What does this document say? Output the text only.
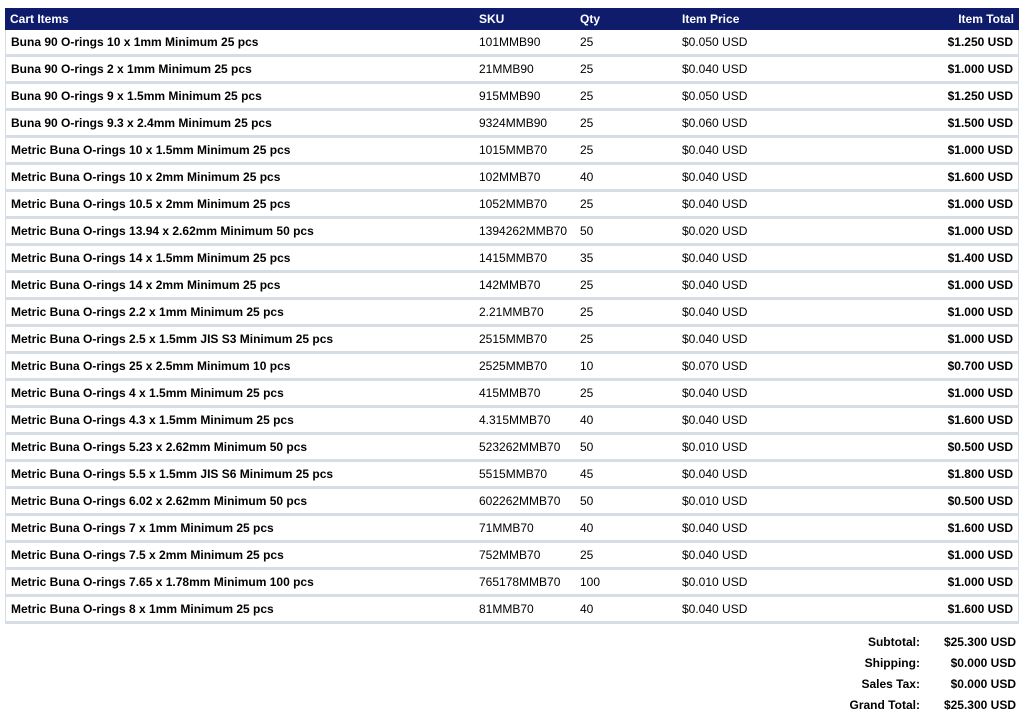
Cart Items	SKU	Qty	Item Price	Item Total
Buna 90 O-rings 10 x 1mm Minimum 25 pcs	101MMB90	25	$0.050 USD	$1.250 USD
Buna 90 O-rings 2 x 1mm Minimum 25 pcs	21MMB90	25	$0.040 USD	$1.000 USD
Buna 90 O-rings 9 x 1.5mm Minimum 25 pcs	915MMB90	25	$0.050 USD	$1.250 USD
Buna 90 O-rings 9.3 x 2.4mm Minimum 25 pcs	9324MMB90	25	$0.060 USD	$1.500 USD
Metric Buna O-rings 10 x 1.5mm Minimum 25 pcs	1015MMB70	25	$0.040 USD	$1.000 USD
Metric Buna O-rings 10 x 2mm Minimum 25 pcs	102MMB70	40	$0.040 USD	$1.600 USD
Metric Buna O-rings 10.5 x 2mm Minimum 25 pcs	1052MMB70	25	$0.040 USD	$1.000 USD
Metric Buna O-rings 13.94 x 2.62mm Minimum 50 pcs	1394262MMB70	50	$0.020 USD	$1.000 USD
Metric Buna O-rings 14 x 1.5mm Minimum 25 pcs	1415MMB70	35	$0.040 USD	$1.400 USD
Metric Buna O-rings 14 x 2mm Minimum 25 pcs	142MMB70	25	$0.040 USD	$1.000 USD
Metric Buna O-rings 2.2 x 1mm Minimum 25 pcs	2.21MMB70	25	$0.040 USD	$1.000 USD
Metric Buna O-rings 2.5 x 1.5mm JIS S3 Minimum 25 pcs	2515MMB70	25	$0.040 USD	$1.000 USD
Metric Buna O-rings 25 x 2.5mm Minimum 10 pcs	2525MMB70	10	$0.070 USD	$0.700 USD
Metric Buna O-rings 4 x 1.5mm Minimum 25 pcs	415MMB70	25	$0.040 USD	$1.000 USD
Metric Buna O-rings 4.3 x 1.5mm Minimum 25 pcs	4.315MMB70	40	$0.040 USD	$1.600 USD
Metric Buna O-rings 5.23 x 2.62mm Minimum 50 pcs	523262MMB70	50	$0.010 USD	$0.500 USD
Metric Buna O-rings 5.5 x 1.5mm JIS S6 Minimum 25 pcs	5515MMB70	45	$0.040 USD	$1.800 USD
Metric Buna O-rings 6.02 x 2.62mm Minimum 50 pcs	602262MMB70	50	$0.010 USD	$0.500 USD
Metric Buna O-rings 7 x 1mm Minimum 25 pcs	71MMB70	40	$0.040 USD	$1.600 USD
Metric Buna O-rings 7.5 x 2mm Minimum 25 pcs	752MMB70	25	$0.040 USD	$1.000 USD
Metric Buna O-rings 7.65 x 1.78mm Minimum 100 pcs	765178MMB70	100	$0.010 USD	$1.000 USD
Metric Buna O-rings 8 x 1mm Minimum 25 pcs	81MMB70	40	$0.040 USD	$1.600 USD
Subtotal:	$25.300 USD
Shipping:	$0.000 USD
Sales Tax:	$0.000 USD
Grand Total:	$25.300 USD
